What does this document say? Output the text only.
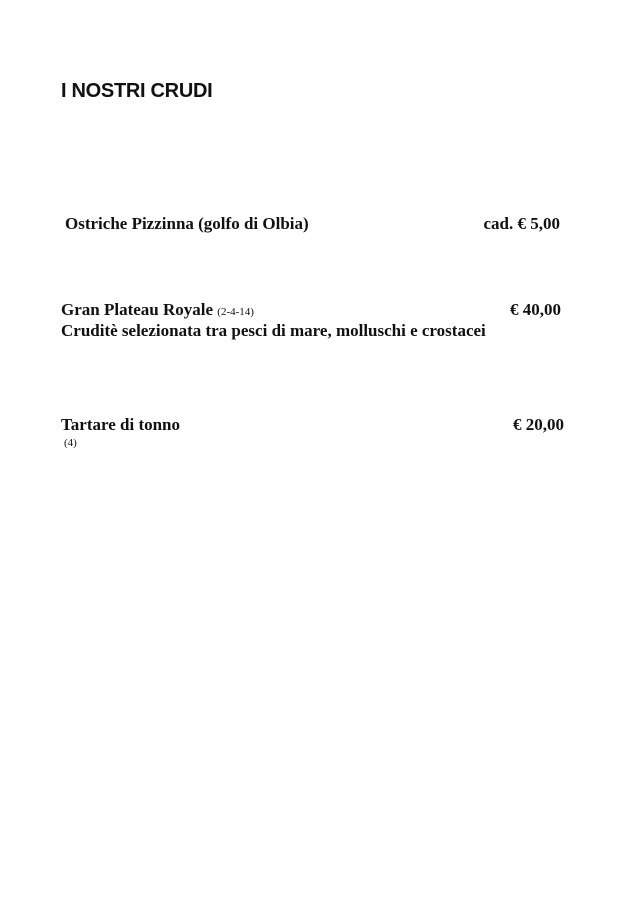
I NOSTRI CRUDI
Ostriche Pizzinna (golfo di Olbia)	cad. € 5,00
Gran Plateau Royale (2-4-14)	€ 40,00
Cruditè selezionata tra pesci di mare, molluschi e crostacei
Tartare di tonno	€ 20,00
(4)
